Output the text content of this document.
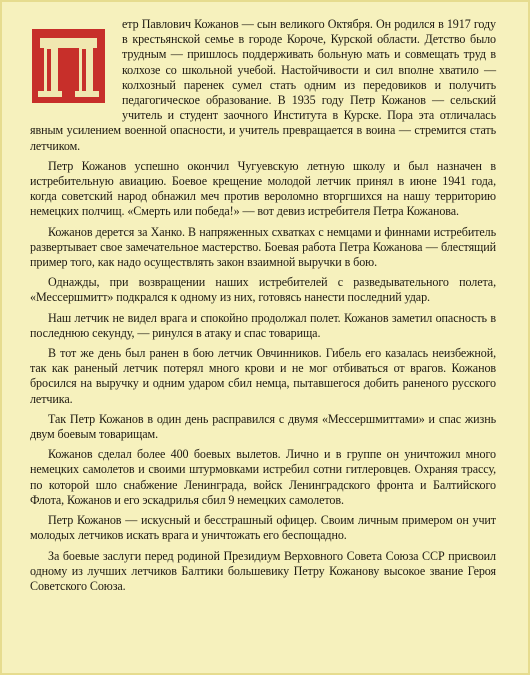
етр Павлович Кожанов — сын великого Октября. Он родился в 1917 году в крестьянской семье в городе Короче, Курской области. Детство было трудным — пришлось поддерживать больную мать и совмещать труд в колхозе со школьной учебой. Настойчивости и сил вполне хватило — колхозный паренек сумел стать одним из передовиков и получить педагогическое образование. В 1935 году Петр Кожанов — сельский учитель и студент заочного Института в Курске. Пора эта отличалась явным усилением военной опасности, и учитель превращается в воина — стремится стать летчиком.

Петр Кожанов успешно окончил Чугуевскую летную школу и был назначен в истребительную авиацию. Боевое крещение молодой летчик принял в июне 1941 года, когда советский народ обнажил меч против вероломно вторгшихся на нашу территорию немецких полчищ. «Смерть или победа!» — вот девиз истребителя Петра Кожанова.

Кожанов дерется за Ханко. В напряженных схватках с немцами и финнами истребитель развертывает свое замечательное мастерство. Боевая работа Петра Кожанова — блестящий пример того, как надо осуществлять закон взаимной выручки в бою.

Однажды, при возвращении наших истребителей с разведывательного полета, «Мессершмитт» подкрался к одному из них, готовясь нанести последний удар.

Наш летчик не видел врага и спокойно продолжал полет. Кожанов заметил опасность в последнюю секунду, — ринулся в атаку и спас товарища.

В тот же день был ранен в бою летчик Овчинников. Гибель его казалась неизбежной, так как раненый летчик потерял много крови и не мог отбиваться от врагов. Кожанов бросился на выручку и одним ударом сбил немца, пытавшегося добить раненого русского летчика.

Так Петр Кожанов в один день расправился с двумя «Мессершмиттами» и спас жизнь двум боевым товарищам.

Кожанов сделал более 400 боевых вылетов. Лично и в группе он уничтожил много немецких самолетов и своими штурмовками истребил сотни гитлеровцев. Охраняя трассу, по которой шло снабжение Ленинграда, войск Ленинградского фронта и Балтийского Флота, Кожанов и его эскадрилья сбил 9 немецких самолетов.

Петр Кожанов — искусный и бесстрашный офицер. Своим личным примером он учит молодых летчиков искать врага и уничтожать его беспощадно.

За боевые заслуги перед родиной Президиум Верховного Совета Союза ССР присвоил одному из лучших летчиков Балтики большевику Петру Кожанову высокое звание Героя Советского Союза.
